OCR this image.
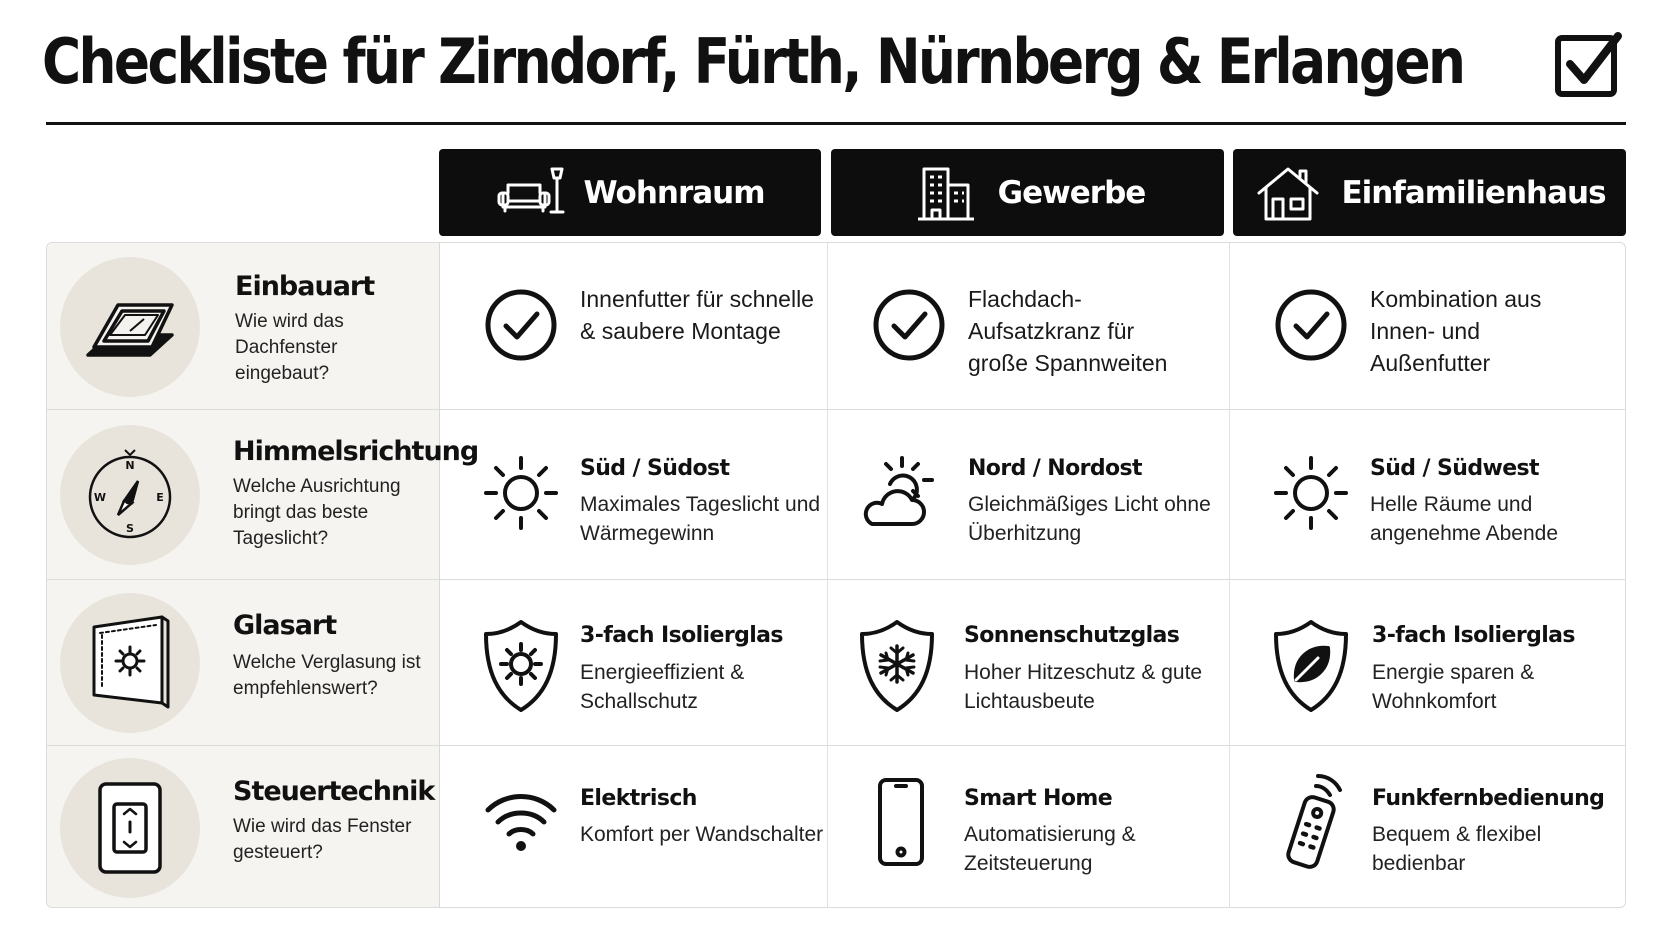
Checkliste für Zirndorf, Fürth, Nürnberg & Erlangen
Wohnraum	Gewerbe	Einfamilienhaus
Einbauart
Wie wird das Dachfenster eingebaut?
Innenfutter für schnelle & saubere Montage
Flachdach-Aufsatzkranz für große Spannweiten
Kombination aus Innen- und Außenfutter
N
E
S
W
Himmelsrichtung
Welche Ausrichtung bringt das beste Tageslicht?
Süd / Südost
Maximales Tageslicht und Wärmegewinn
Nord / Nordost
Gleichmäßiges Licht ohne Überhitzung
Süd / Südwest
Helle Räume und angenehme Abende
Glasart
Welche Verglasung ist empfehlenswert?
3-fach Isolierglas
Energieeffizient & Schallschutz
Sonnenschutzglas
Hoher Hitzeschutz & gute Lichtausbeute
3-fach Isolierglas
Energie sparen & Wohnkomfort
Steuertechnik
Wie wird das Fenster gesteuert?
Elektrisch
Komfort per Wandschalter
Smart Home
Automatisierung & Zeitsteuerung
Funkfernbedienung
Bequem & flexibel bedienbar
